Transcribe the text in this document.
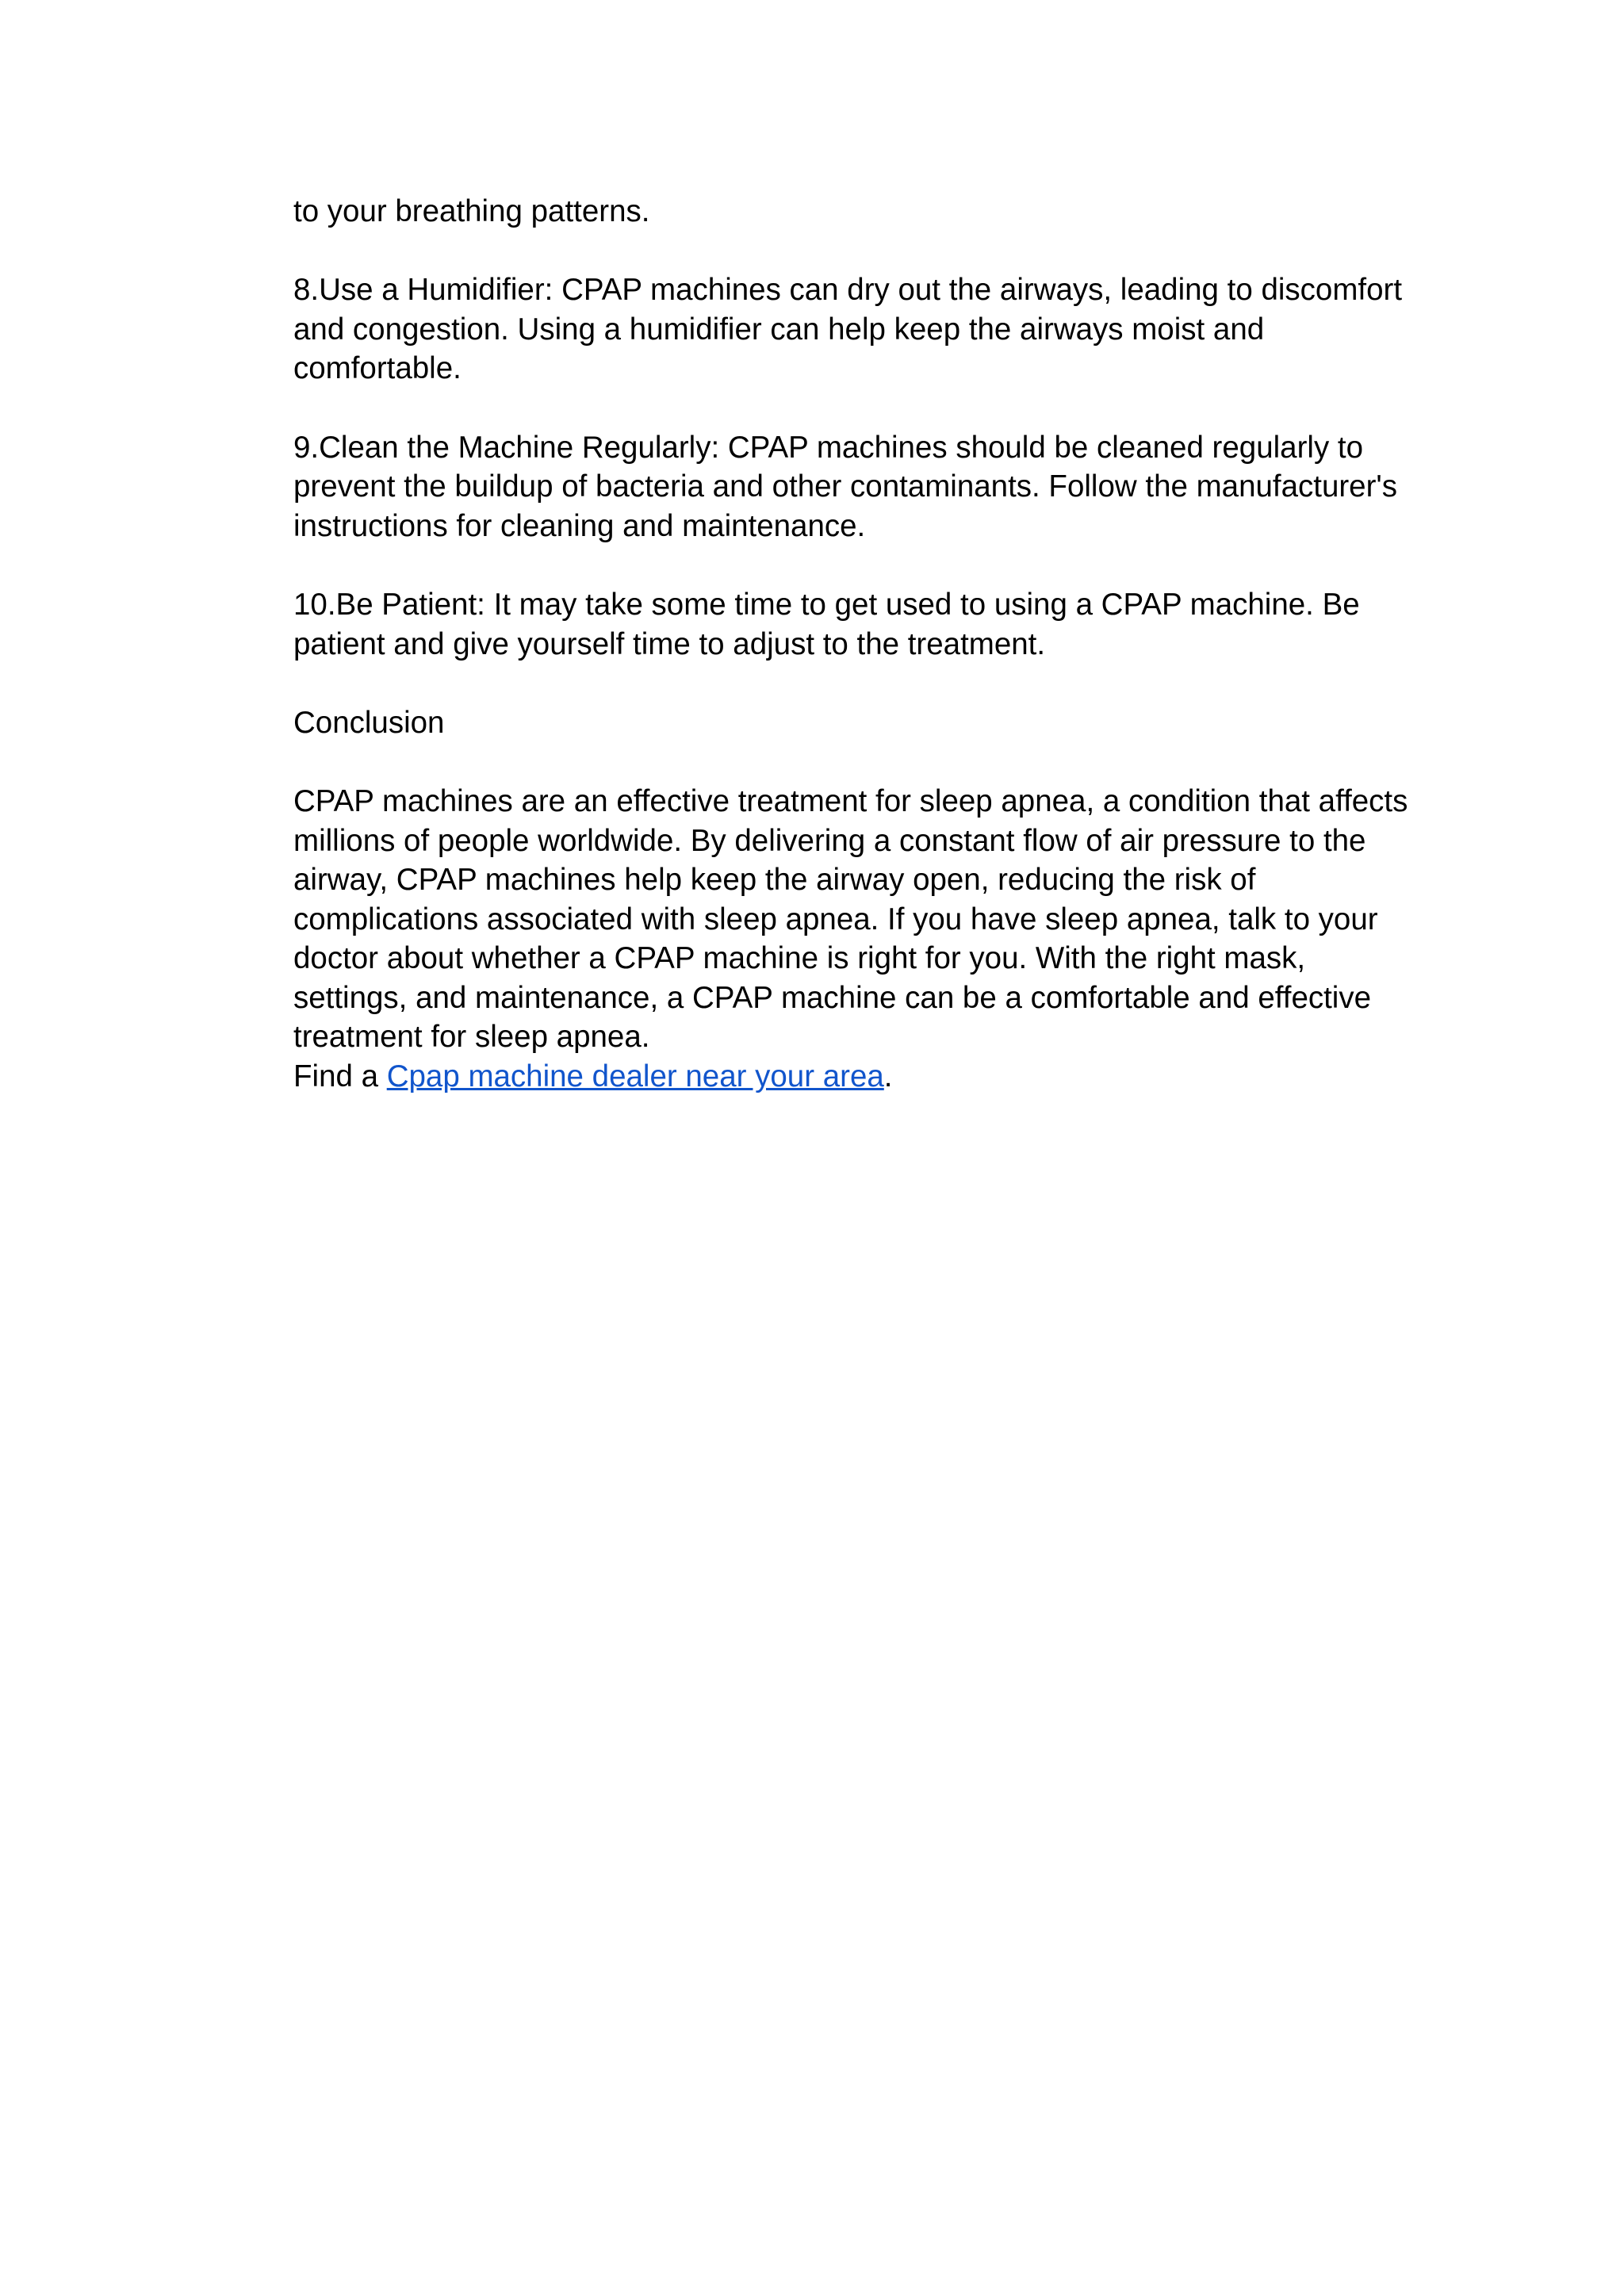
to your breathing patterns.

8.Use a Humidifier: CPAP machines can dry out the airways, leading to discomfort and congestion. Using a humidifier can help keep the airways moist and comfortable.

9.Clean the Machine Regularly: CPAP machines should be cleaned regularly to prevent the buildup of bacteria and other contaminants. Follow the manufacturer's instructions for cleaning and maintenance.

10.Be Patient: It may take some time to get used to using a CPAP machine. Be patient and give yourself time to adjust to the treatment.

Conclusion

CPAP machines are an effective treatment for sleep apnea, a condition that affects millions of people worldwide. By delivering a constant flow of air pressure to the airway, CPAP machines help keep the airway open, reducing the risk of complications associated with sleep apnea. If you have sleep apnea, talk to your doctor about whether a CPAP machine is right for you. With the right mask, settings, and maintenance, a CPAP machine can be a comfortable and effective treatment for sleep apnea.

Find a Cpap machine dealer near your area.
